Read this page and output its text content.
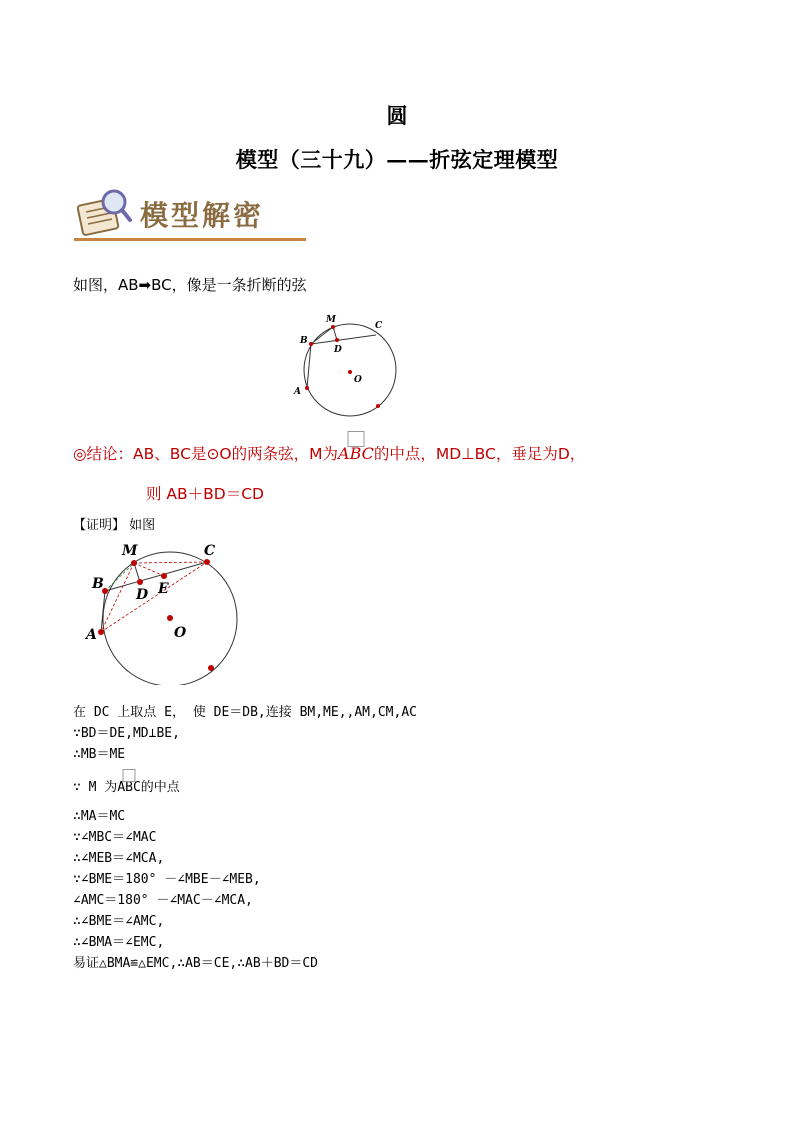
圆
模型（三十九）——折弦定理模型
模型解密
如图，AB➡BC，像是一条折断的弦
M
C
B
D
A
O
◎结论：AB、BC是⊙O的两条弦，M为
ABC的中点，MD⊥BC，垂足为D，
则 AB＋BD＝CD
【证明】 如图
M	C
B
D E
A	O
在 DC 上取点 E， 使 DE＝DB,连接 BM,ME,,AM,CM,AC
∵BD＝DE,MD⊥BE,
∴MB＝ME
∵ M 为
ABC的中点
∴MA＝MC
∵∠MBC＝∠MAC
∴∠MEB＝∠MCA,
∵∠BME＝180° －∠MBE－∠MEB,
∠AMC＝180° －∠MAC－∠MCA,
∴∠BME＝∠AMC,
∴∠BMA＝∠EMC,
易证△BMA≌△EMC,∴AB＝CE,∴AB＋BD＝CD
